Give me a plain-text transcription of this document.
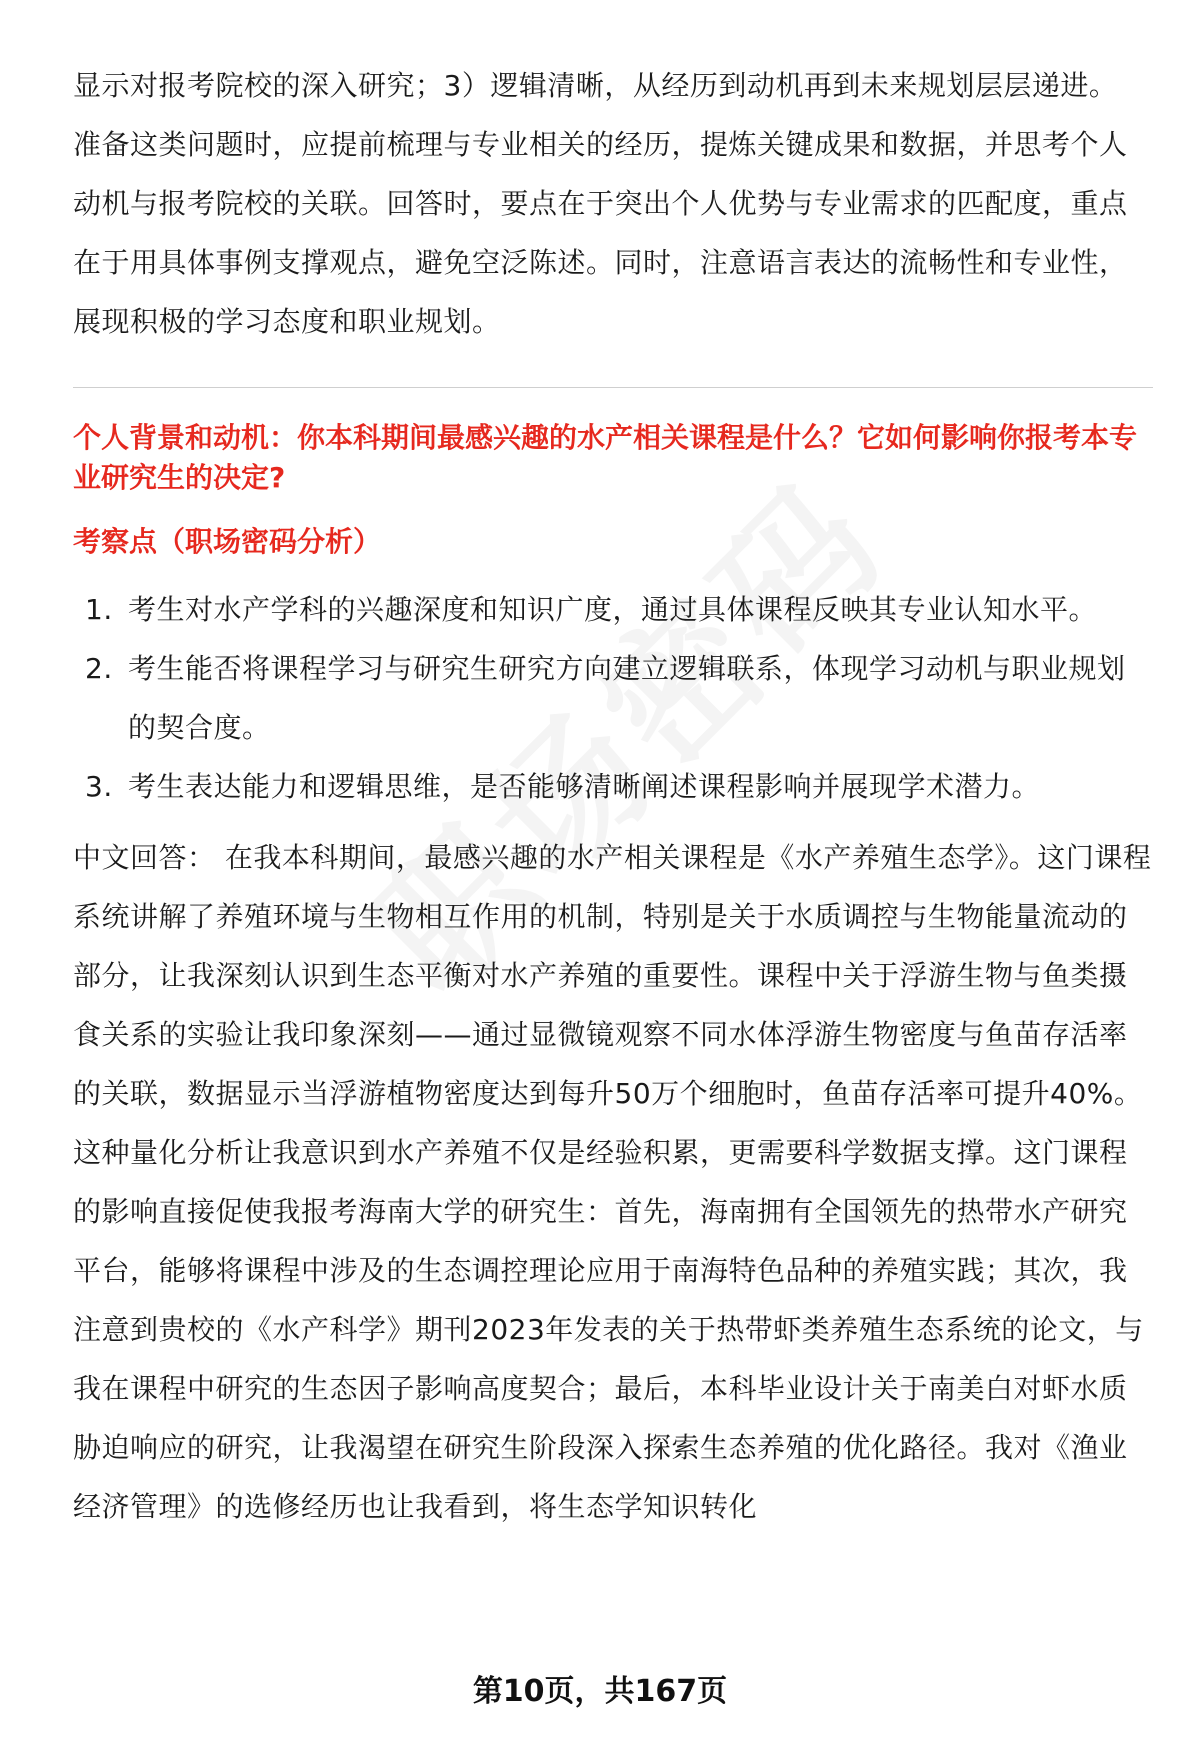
显示对报考院校的深入研究；3）逻辑清晰，从经历到动机再到未来规划层层递进。

准备这类问题时，应提前梳理与专业相关的经历，提炼关键成果和数据，并思考个人动机与报考院校的关联。回答时，要点在于突出个人优势与专业需求的匹配度，重点在于用具体事例支撑观点，避免空泛陈述。同时，注意语言表达的流畅性和专业性，展现积极的学习态度和职业规划。

个人背景和动机：你本科期间最感兴趣的水产相关课程是什么？它如何影响你报考本专业研究生的决定?

考察点（职场密码分析）

1. 考生对水产学科的兴趣深度和知识广度，通过具体课程反映其专业认知水平。
2. 考生能否将课程学习与研究生研究方向建立逻辑联系，体现学习动机与职业规划的契合度。
3. 考生表达能力和逻辑思维，是否能够清晰阐述课程影响并展现学术潜力。

中文回答： 在我本科期间，最感兴趣的水产相关课程是《水产养殖生态学》。这门课程系统讲解了养殖环境与生物相互作用的机制，特别是关于水质调控与生物能量流动的部分，让我深刻认识到生态平衡对水产养殖的重要性。课程中关于浮游生物与鱼类摄食关系的实验让我印象深刻——通过显微镜观察不同水体浮游生物密度与鱼苗存活率的关联，数据显示当浮游植物密度达到每升50万个细胞时，鱼苗存活率可提升40%。这种量化分析让我意识到水产养殖不仅是经验积累，更需要科学数据支撑。这门课程的影响直接促使我报考海南大学的研究生：首先，海南拥有全国领先的热带水产研究平台，能够将课程中涉及的生态调控理论应用于南海特色品种的养殖实践；其次，我注意到贵校的《水产科学》期刊2023年发表的关于热带虾类养殖生态系统的论文，与我在课程中研究的生态因子影响高度契合；最后，本科毕业设计关于南美白对虾水质胁迫响应的研究，让我渴望在研究生阶段深入探索生态养殖的优化路径。我对《渔业经济管理》的选修经历也让我看到，将生态学知识转化

第10页，共167页
